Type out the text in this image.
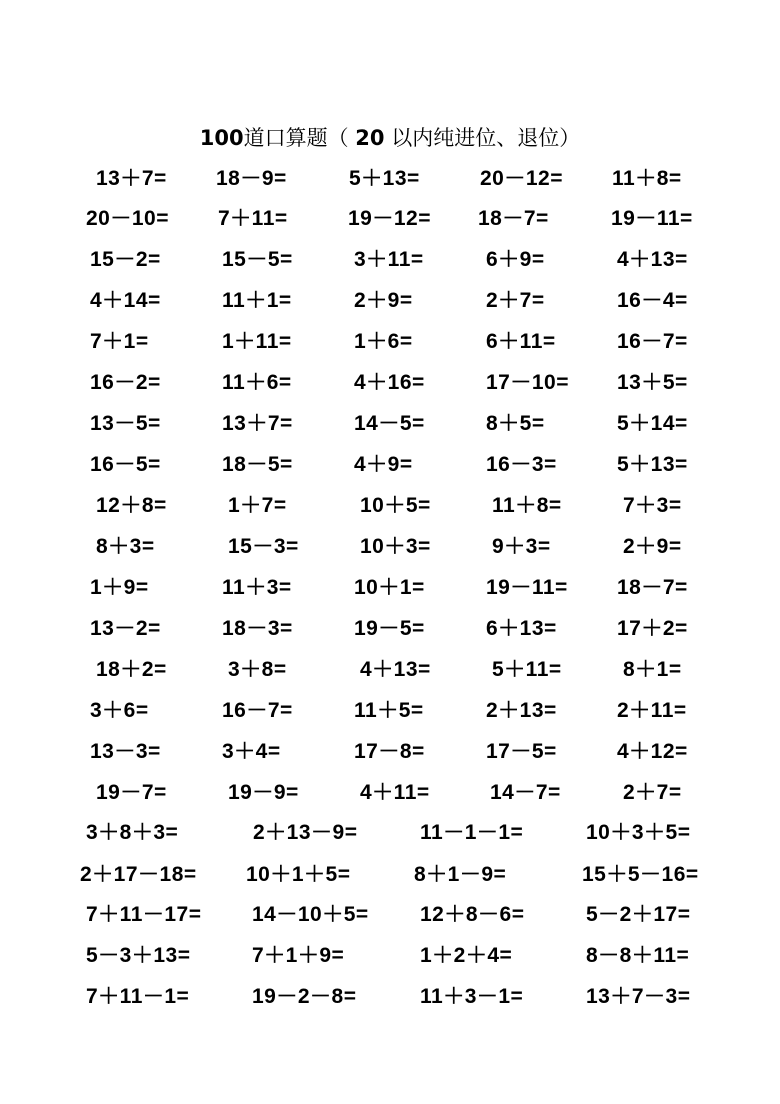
100道口算题（ 20 以内纯进位、退位）
13＋7= 18－9=	5＋13=	20－12= 11＋8=
20－10= 7＋11=	19－12= 18－7=	19－11=
15－2=	15－5=	3＋11=	6＋9=	4＋13=
4＋14=	11＋1=	2＋9=	2＋7=	16－4=
7＋1=	1＋11=	1＋6=	6＋11=	16－7=
16－2=	11＋6=	4＋16=	17－10= 13＋5=
13－5=	13＋7=	14－5=	8＋5=	5＋14=
16－5=	18－5=	4＋9=	16－3=	5＋13=
12＋8=	1＋7=	10＋5=	11＋8=	7＋3=
8＋3=	15－3=	10＋3=	9＋3=	2＋9=
1＋9=	11＋3=	10＋1=	19－11= 18－7=
13－2=	18－3=	19－5=	6＋13=	17＋2=
18＋2=	3＋8=	4＋13=	5＋11=	8＋1=
3＋6=	16－7=	11＋5=	2＋13=	2＋11=
13－3=	3＋4=	17－8=	17－5=	4＋12=
19－7=	19－9=	4＋11=	14－7=	2＋7=
3＋8＋3=	2＋13－9=	11－1－1=	10＋3＋5=
2＋17－18= 10＋1＋5=	8＋1－9=	15＋5－16=
7＋11－17= 14－10＋5= 12＋8－6=	5－2＋17=
5－3＋13=	7＋1＋9=	1＋2＋4=	8－8＋11=
7＋11－1=	19－2－8=	11＋3－1=	13＋7－3=
